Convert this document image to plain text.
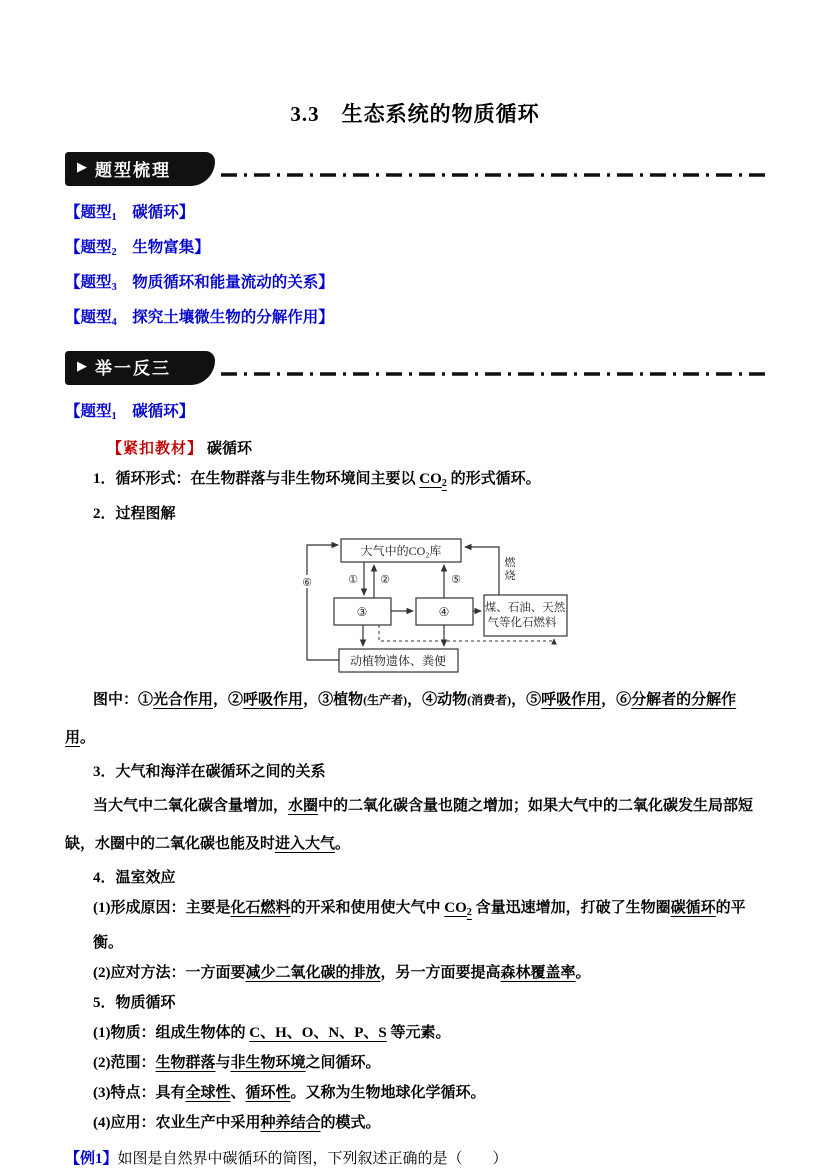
3.3　生态系统的物质循环
▶ 题型梳理

【题型$_1$　碳循环】

【题型$_2$　生物富集】

【题型$_3$　物质循环和能量流动的关系】

【题型$_4$　探究土壤微生物的分解作用】

▶ 举一反三

【题型$_1$　碳循环】

【紧扣教材】 碳循环

1．循环形式：在生物群落与非生物环境间主要以 $CO_2$ 的形式循环。

2．过程图解

大气中的CO₂库
③	④	煤、石油、天然
气等化石燃料
动植物遗体、粪便
① ②	⑤
⑥
燃
烧

图中：①光合作用，②呼吸作用，③植物(生产者)，④动物(消费者)，⑤呼吸作用，⑥分解者的分解作用。

3．大气和海洋在碳循环之间的关系

当大气中二氧化碳含量增加，水圈中的二氧化碳含量也随之增加；如果大气中的二氧化碳发生局部短缺，水圈中的二氧化碳也能及时进入大气。

4．温室效应

(1)形成原因：主要是化石燃料的开采和使用使大气中 $CO_2$ 含量迅速增加，打破了生物圈碳循环的平衡。

(2)应对方法：一方面要减少二氧化碳的排放，另一方面要提高森林覆盖率。

5．物质循环

(1)物质：组成生物体的 C、H、O、N、P、S 等元素。

(2)范围：生物群落与非生物环境之间循环。

(3)特点：具有全球性、循环性。又称为生物地球化学循环。

(4)应用：农业生产中采用种养结合的模式。

【例1】如图是自然界中碳循环的简图，下列叙述正确的是（　　）
